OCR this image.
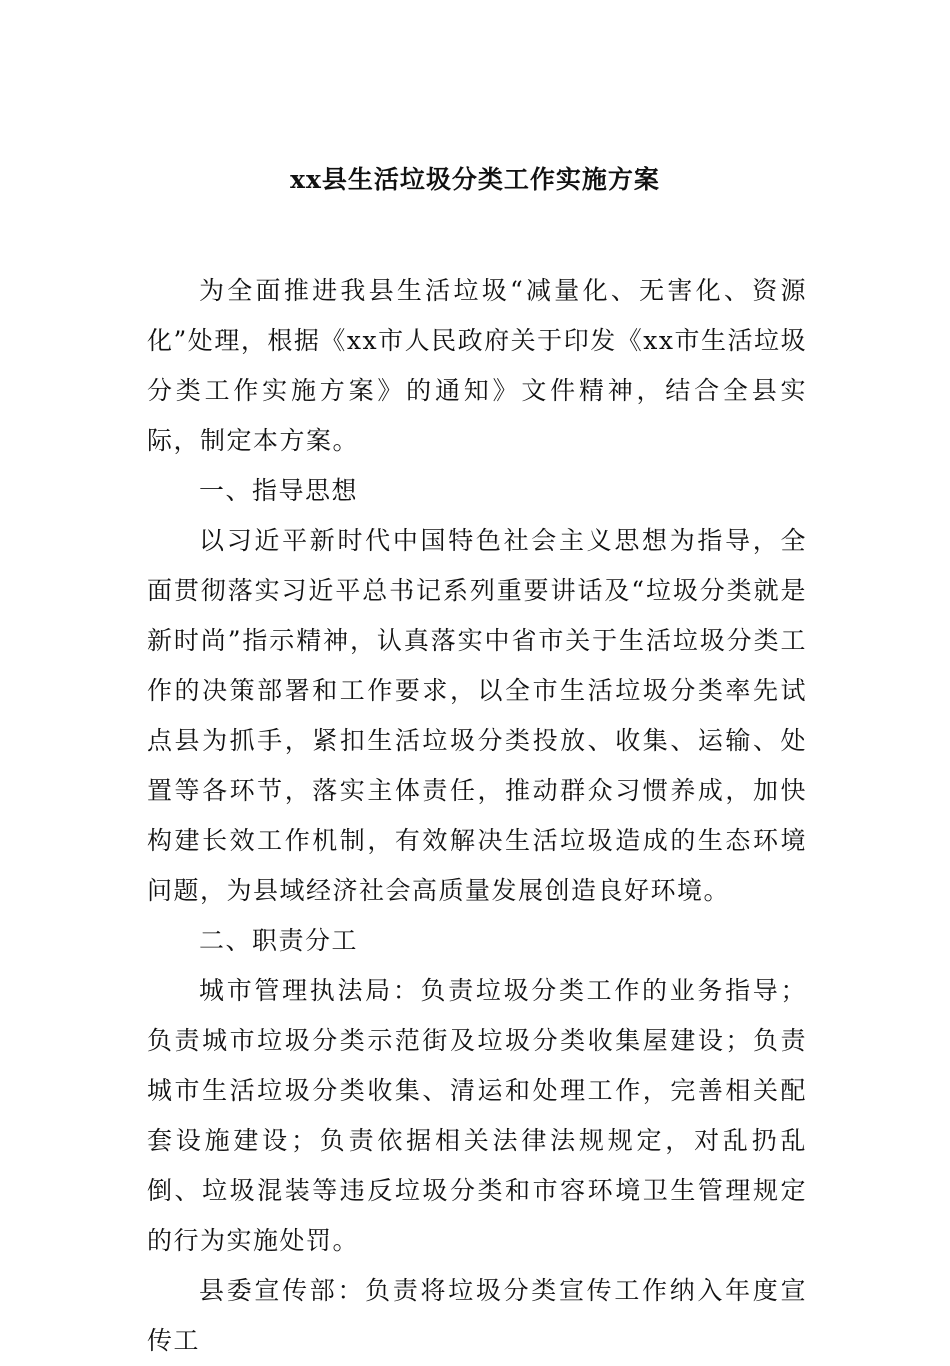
xx县生活垃圾分类工作实施方案

为全面推进我县生活垃圾“减量化、无害化、资源化”处理，根据《xx市人民政府关于印发《xx市生活垃圾分类工作实施方案》的通知》文件精神，结合全县实际，制定本方案。

一、指导思想

以习近平新时代中国特色社会主义思想为指导，全面贯彻落实习近平总书记系列重要讲话及“垃圾分类就是新时尚”指示精神，认真落实中省市关于生活垃圾分类工作的决策部署和工作要求，以全市生活垃圾分类率先试点县为抓手，紧扣生活垃圾分类投放、收集、运输、处置等各环节，落实主体责任，推动群众习惯养成，加快构建长效工作机制，有效解决生活垃圾造成的生态环境问题，为县域经济社会高质量发展创造良好环境。

二、职责分工

城市管理执法局：负责垃圾分类工作的业务指导；负责城市垃圾分类示范街及垃圾分类收集屋建设；负责城市生活垃圾分类收集、清运和处理工作，完善相关配套设施建设；负责依据相关法律法规规定，对乱扔乱倒、垃圾混装等违反垃圾分类和市容环境卫生管理规定的行为实施处罚。

县委宣传部：负责将垃圾分类宣传工作纳入年度宣传工
